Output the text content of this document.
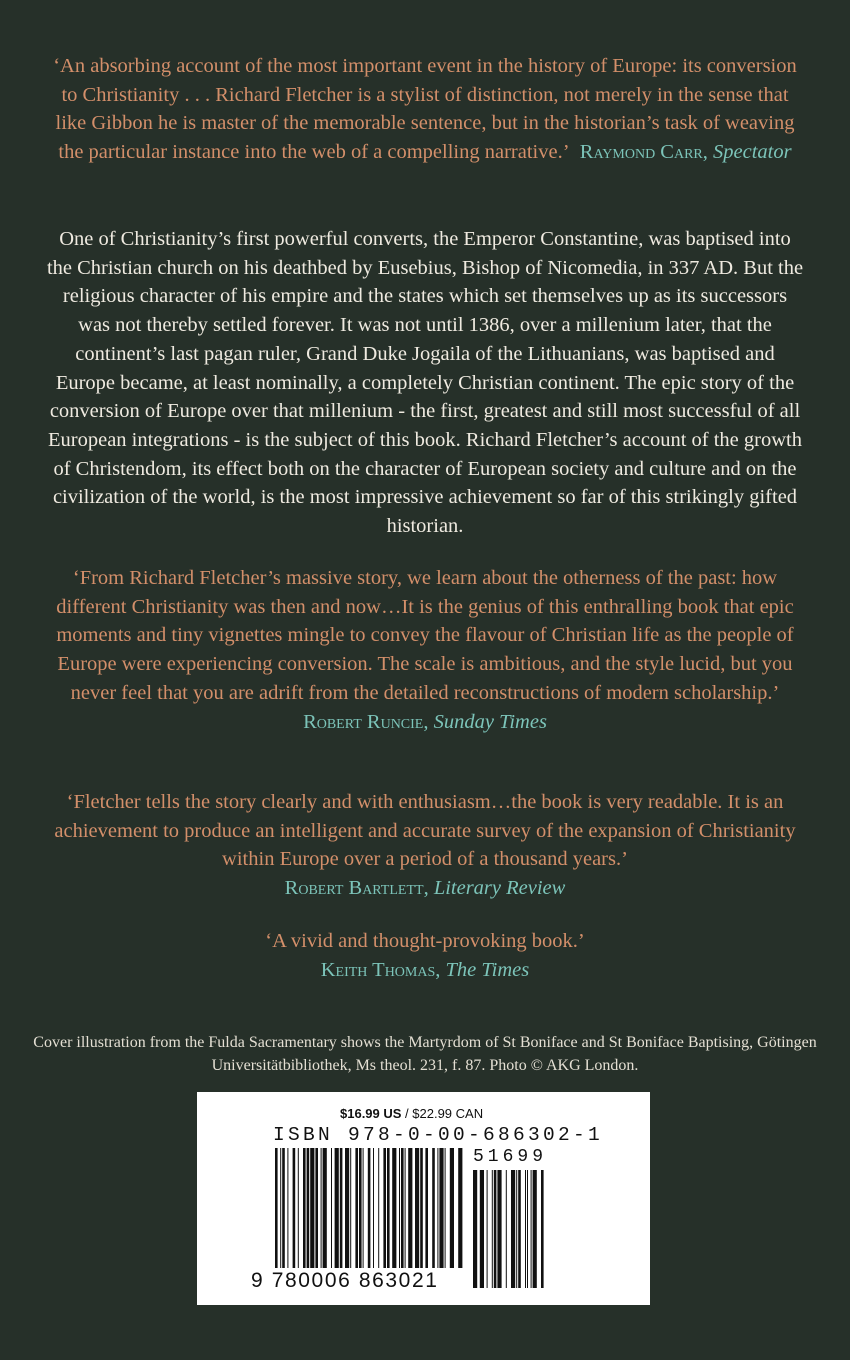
‘An absorbing account of the most important event in the history of Europe: its conversion to Christianity . . . Richard Fletcher is a stylist of distinction, not merely in the sense that like Gibbon he is master of the memorable sentence, but in the historian’s task of weaving the particular instance into the web of a compelling narrative.’ Raymond Carr, Spectator
One of Christianity’s first powerful converts, the Emperor Constantine, was baptised into the Christian church on his deathbed by Eusebius, Bishop of Nicomedia, in 337 AD. But the religious character of his empire and the states which set themselves up as its successors was not thereby settled forever. It was not until 1386, over a millenium later, that the continent’s last pagan ruler, Grand Duke Jogaila of the Lithuanians, was baptised and Europe became, at least nominally, a completely Christian continent. The epic story of the conversion of Europe over that millenium - the first, greatest and still most successful of all European integrations - is the subject of this book. Richard Fletcher’s account of the growth of Christendom, its effect both on the character of European society and culture and on the civilization of the world, is the most impressive achievement so far of this strikingly gifted historian.
‘From Richard Fletcher’s massive story, we learn about the otherness of the past: how different Christianity was then and now…It is the genius of this enthralling book that epic moments and tiny vignettes mingle to convey the flavour of Christian life as the people of Europe were experiencing conversion. The scale is ambitious, and the style lucid, but you never feel that you are adrift from the detailed reconstructions of modern scholarship.’
Robert Runcie, Sunday Times
‘Fletcher tells the story clearly and with enthusiasm…the book is very readable. It is an achievement to produce an intelligent and accurate survey of the expansion of Christianity within Europe over a period of a thousand years.’
Robert Bartlett, Literary Review
‘A vivid and thought-provoking book.’
Keith Thomas, The Times
Cover illustration from the Fulda Sacramentary shows the Martyrdom of St Boniface and St Boniface Baptising, Götingen Universitätbibliothek, Ms theol. 231, f. 87. Photo © AKG London.
$16.99 US / $22.99 CAN
ISBN 978-0-00-686302-1
51699
9 780006 863021
